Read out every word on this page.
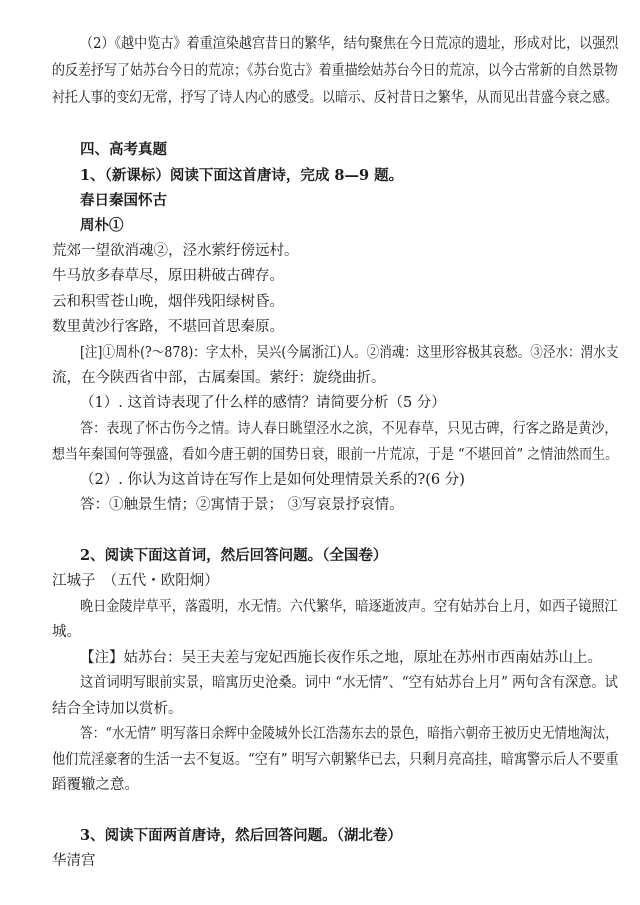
（2）《越中览古》着重渲染越宫昔日的繁华，结句聚焦在今日荒凉的遗址，形成对比，以强烈
的反差抒写了姑苏台今日的荒凉；《苏台览古》着重描绘姑苏台今日的荒凉，以今古常新的自然景物
衬托人事的变幻无常，抒写了诗人内心的感受。以暗示、反衬昔日之繁华，从而见出昔盛今衰之感。
四、高考真题
1、（新课标）阅读下面这首唐诗，完成 8—9 题。
春日秦国怀古
周朴①
荒郊一望欲消魂②，泾水萦纡傍远村。
牛马放多春草尽，原田耕破古碑存。
云和积雪苍山晚，烟伴残阳绿树昏。
数里黄沙行客路，不堪回首思秦原。
[注]①周朴(?～878)：字太朴，吴兴(今属浙江)人。②消魂：这里形容极其哀愁。③泾水：渭水支
流，在今陕西省中部，古属秦国。萦纡：旋绕曲折。
（1）. 这首诗表现了什么样的感情？请简要分析（5 分）
答：表现了怀古伤今之情。诗人春日眺望泾水之滨，不见春草，只见古碑，行客之路是黄沙，
想当年秦国何等强盛，看如今唐王朝的国势日衰，眼前一片荒凉，于是 “不堪回首” 之情油然而生。
（2）. 你认为这首诗在写作上是如何处理情景关系的?(6 分)
答：①触景生情；②寓情于景； ③写哀景抒哀情。
2、阅读下面这首词，然后回答问题。（全国卷）
江城子　（五代・欧阳炯）
晚日金陵岸草平，落霞明，水无情。六代繁华，暗逐逝波声。空有姑苏台上月，如西子镜照江
城。
【注】姑苏台：吴王夫差与宠妃西施长夜作乐之地，原址在苏州市西南姑苏山上。
这首词明写眼前实景，暗寓历史沧桑。词中 “水无情”、“空有姑苏台上月” 两句含有深意。试
结合全诗加以赏析。
答：“水无情” 明写落日余辉中金陵城外长江浩荡东去的景色，暗指六朝帝王被历史无情地淘汰，
他们荒淫豪奢的生活一去不复返。“空有” 明写六朝繁华已去，只剩月亮高挂，暗寓警示后人不要重
蹈覆辙之意。
3、阅读下面两首唐诗，然后回答问题。（湖北卷）
华清宫
